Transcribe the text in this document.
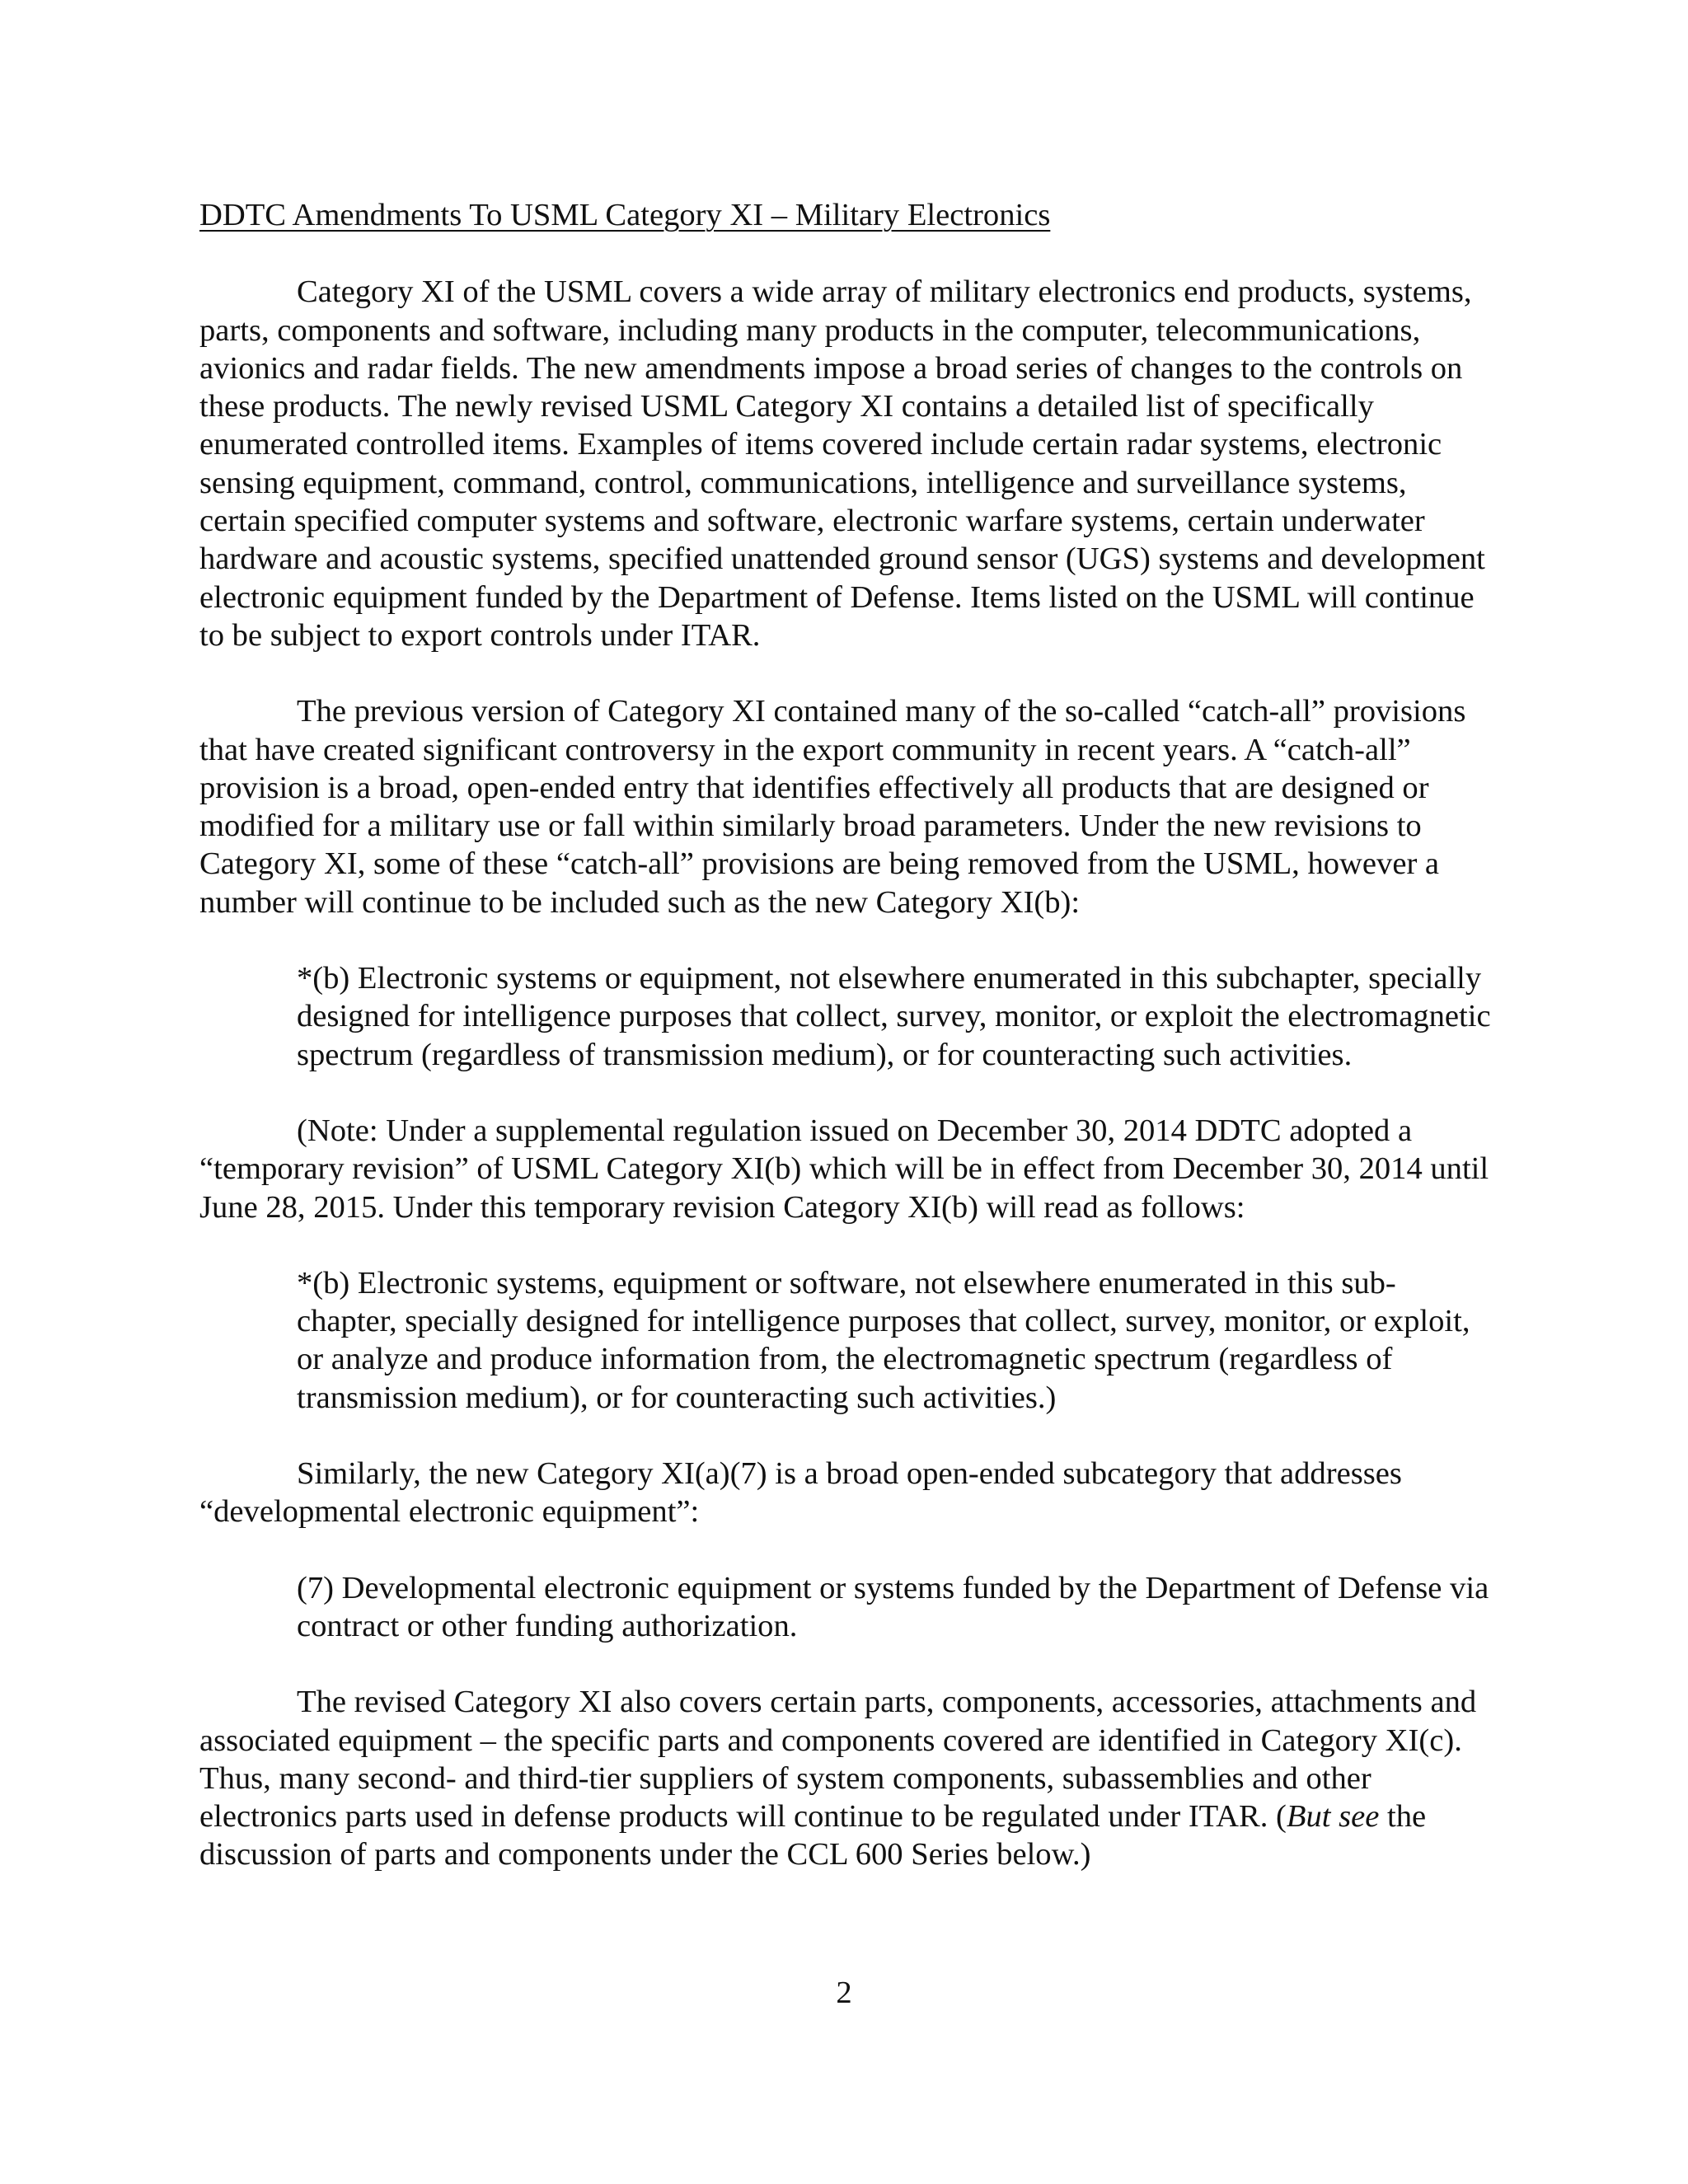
DDTC Amendments To USML Category XI – Military Electronics

Category XI of the USML covers a wide array of military electronics end products, systems, parts, components and software, including many products in the computer, telecommunications, avionics and radar fields. The new amendments impose a broad series of changes to the controls on these products. The newly revised USML Category XI contains a detailed list of specifically enumerated controlled items. Examples of items covered include certain radar systems, electronic sensing equipment, command, control, communications, intelligence and surveillance systems, certain specified computer systems and software, electronic warfare systems, certain underwater hardware and acoustic systems, specified unattended ground sensor (UGS) systems and development electronic equipment funded by the Department of Defense. Items listed on the USML will continue to be subject to export controls under ITAR.

The previous version of Category XI contained many of the so-called “catch-all” provisions that have created significant controversy in the export community in recent years. A “catch-all” provision is a broad, open-ended entry that identifies effectively all products that are designed or modified for a military use or fall within similarly broad parameters. Under the new revisions to Category XI, some of these “catch-all” provisions are being removed from the USML, however a number will continue to be included such as the new Category XI(b):

*(b) Electronic systems or equipment, not elsewhere enumerated in this subchapter, specially designed for intelligence purposes that collect, survey, monitor, or exploit the electromagnetic spectrum (regardless of transmission medium), or for counteracting such activities.

(Note: Under a supplemental regulation issued on December 30, 2014 DDTC adopted a “temporary revision” of USML Category XI(b) which will be in effect from December 30, 2014 until June 28, 2015. Under this temporary revision Category XI(b) will read as follows:

*(b) Electronic systems, equipment or software, not elsewhere enumerated in this sub-chapter, specially designed for intelligence purposes that collect, survey, monitor, or exploit, or analyze and produce information from, the electromagnetic spectrum (regardless of transmission medium), or for counteracting such activities.)

Similarly, the new Category XI(a)(7) is a broad open-ended subcategory that addresses “developmental electronic equipment”:

(7) Developmental electronic equipment or systems funded by the Department of Defense via contract or other funding authorization.

The revised Category XI also covers certain parts, components, accessories, attachments and associated equipment – the specific parts and components covered are identified in Category XI(c). Thus, many second- and third-tier suppliers of system components, subassemblies and other electronics parts used in defense products will continue to be regulated under ITAR. (But see the discussion of parts and components under the CCL 600 Series below.)

2
